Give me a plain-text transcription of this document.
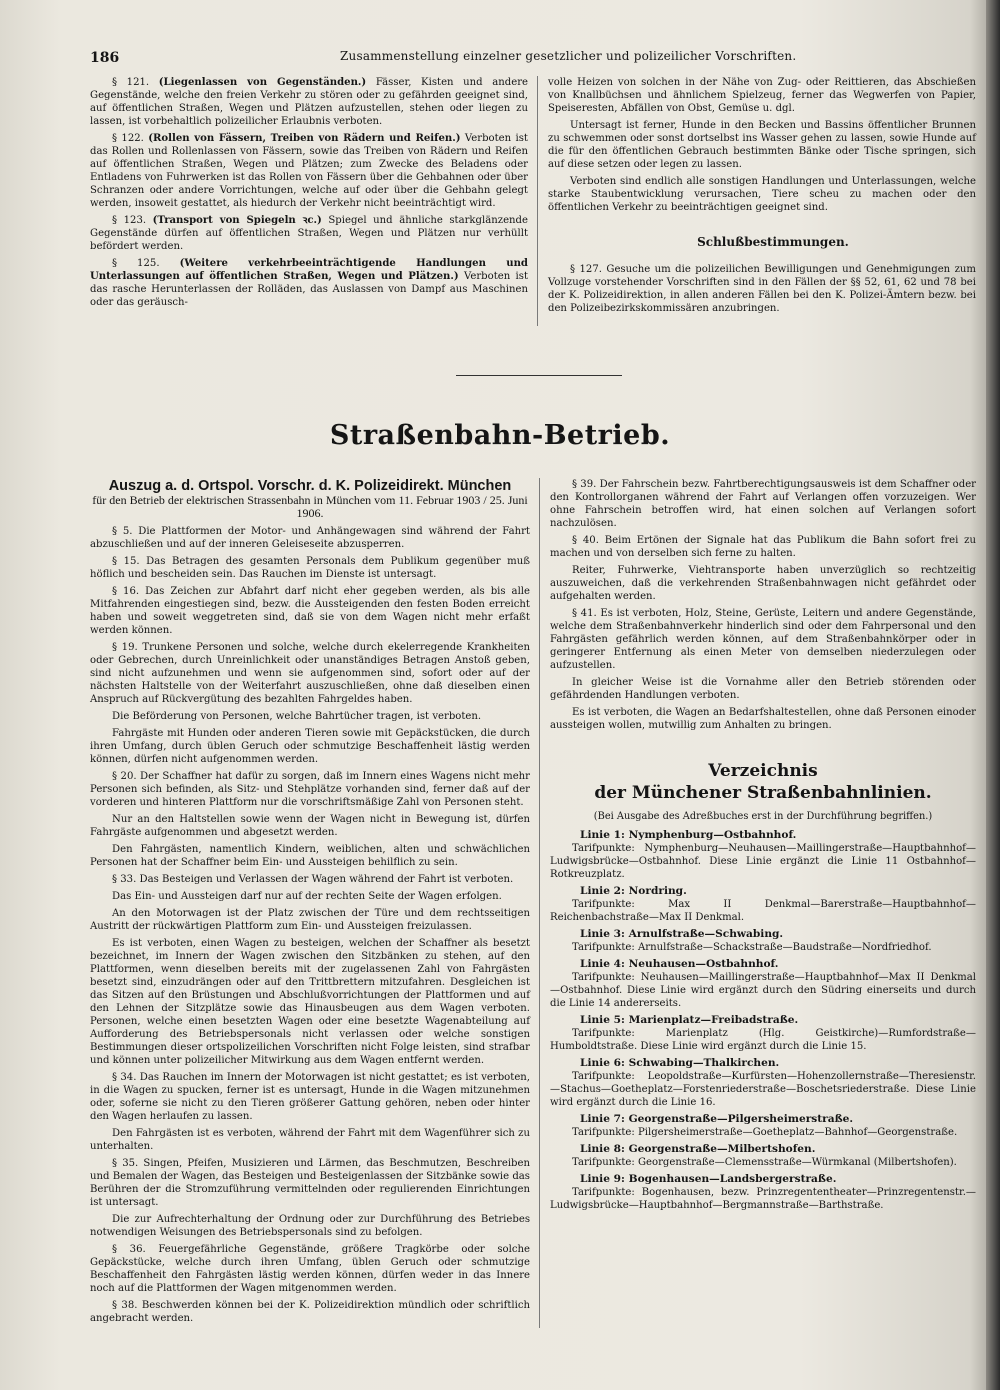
186	Zusammenstellung einzelner gesetzlicher und polizeilicher Vorschriften.

§ 121. (Liegenlassen von Gegenständen.) Fässer, Kisten und andere Gegenstände, welche den freien Verkehr zu stören oder zu gefährden geeignet sind, auf öffentlichen Straßen, Wegen und Plätzen aufzustellen, stehen oder liegen zu lassen, ist vorbehaltlich polizeilicher Erlaubnis verboten.

§ 122. (Rollen von Fässern, Treiben von Rädern und Reifen.) Verboten ist das Rollen und Rollenlassen von Fässern, sowie das Treiben von Rädern und Reifen auf öffentlichen Straßen, Wegen und Plätzen; zum Zwecke des Beladens oder Entladens von Fuhrwerken ist das Rollen von Fässern über die Gehbahnen oder über Schranzen oder andere Vorrichtungen, welche auf oder über die Gehbahn gelegt werden, insoweit gestattet, als hiedurch der Verkehr nicht beeinträchtigt wird.

§ 123. (Transport von Spiegeln ꝛc.) Spiegel und ähnliche starkglänzende Gegenstände dürfen auf öffentlichen Straßen, Wegen und Plätzen nur verhüllt befördert werden.

§ 125. (Weitere verkehrbeeinträchtigende Handlungen und Unterlassungen auf öffentlichen Straßen, Wegen und Plätzen.) Verboten ist das rasche Herunterlassen der Rolläden, das Auslassen von Dampf aus Maschinen oder das geräusch-

volle Heizen von solchen in der Nähe von Zug- oder Reittieren, das Abschießen von Knallbüchsen und ähnlichem Spielzeug, ferner das Wegwerfen von Papier, Speiseresten, Abfällen von Obst, Gemüse u. dgl.

Untersagt ist ferner, Hunde in den Becken und Bassins öffentlicher Brunnen zu schwemmen oder sonst dortselbst ins Wasser gehen zu lassen, sowie Hunde auf die für den öffentlichen Gebrauch bestimmten Bänke oder Tische springen, sich auf diese setzen oder legen zu lassen.

Verboten sind endlich alle sonstigen Handlungen und Unterlassungen, welche starke Staubentwicklung verursachen, Tiere scheu zu machen oder den öffentlichen Verkehr zu beeinträchtigen geeignet sind.

Schlußbestimmungen.

§ 127. Gesuche um die polizeilichen Bewilligungen und Genehmigungen zum Vollzuge vorstehender Vorschriften sind in den Fällen der §§ 52, 61, 62 und 78 bei der K. Polizeidirektion, in allen anderen Fällen bei den K. Polizei-Ämtern bezw. bei den Polizeibezirkskommissären anzubringen.

Straßenbahn-Betrieb.
Auszug a. d. Ortspol. Vorschr. d. K. Polizeidirekt. München
für den Betrieb der elektrischen Strassenbahn in München vom 11. Februar 1903 / 25. Juni 1906.

§ 5. Die Plattformen der Motor- und Anhängewagen sind während der Fahrt abzuschließen und auf der inneren Geleiseseite abzusperren.

§ 15. Das Betragen des gesamten Personals dem Publikum gegenüber muß höflich und bescheiden sein. Das Rauchen im Dienste ist untersagt.

§ 16. Das Zeichen zur Abfahrt darf nicht eher gegeben werden, als bis alle Mitfahrenden eingestiegen sind, bezw. die Aussteigenden den festen Boden erreicht haben und soweit weggetreten sind, daß sie von dem Wagen nicht mehr erfaßt werden können.

§ 19. Trunkene Personen und solche, welche durch ekelerregende Krankheiten oder Gebrechen, durch Unreinlichkeit oder unanständiges Betragen Anstoß geben, sind nicht aufzunehmen und wenn sie aufgenommen sind, sofort oder auf der nächsten Haltstelle von der Weiterfahrt auszuschließen, ohne daß dieselben einen Anspruch auf Rückvergütung des bezahlten Fahrgeldes haben.

Die Beförderung von Personen, welche Bahrtücher tragen, ist verboten.

Fahrgäste mit Hunden oder anderen Tieren sowie mit Gepäckstücken, die durch ihren Umfang, durch üblen Geruch oder schmutzige Beschaffenheit lästig werden können, dürfen nicht aufgenommen werden.

§ 20. Der Schaffner hat dafür zu sorgen, daß im Innern eines Wagens nicht mehr Personen sich befinden, als Sitz- und Stehplätze vorhanden sind, ferner daß auf der vorderen und hinteren Plattform nur die vorschriftsmäßige Zahl von Personen steht.

Nur an den Haltstellen sowie wenn der Wagen nicht in Bewegung ist, dürfen Fahrgäste aufgenommen und abgesetzt werden.

Den Fahrgästen, namentlich Kindern, weiblichen, alten und schwächlichen Personen hat der Schaffner beim Ein- und Aussteigen behilflich zu sein.

§ 33. Das Besteigen und Verlassen der Wagen während der Fahrt ist verboten.

Das Ein- und Aussteigen darf nur auf der rechten Seite der Wagen erfolgen.

An den Motorwagen ist der Platz zwischen der Türe und dem rechtsseitigen Austritt der rückwärtigen Plattform zum Ein- und Aussteigen freizulassen.

Es ist verboten, einen Wagen zu besteigen, welchen der Schaffner als besetzt bezeichnet, im Innern der Wagen zwischen den Sitzbänken zu stehen, auf den Plattformen, wenn dieselben bereits mit der zugelassenen Zahl von Fahrgästen besetzt sind, einzudrängen oder auf den Trittbrettern mitzufahren. Desgleichen ist das Sitzen auf den Brüstungen und Abschlußvorrichtungen der Plattformen und auf den Lehnen der Sitzplätze sowie das Hinausbeugen aus dem Wagen verboten. Personen, welche einen besetzten Wagen oder eine besetzte Wagenabteilung auf Aufforderung des Betriebspersonals nicht verlassen oder welche sonstigen Bestimmungen dieser ortspolizeilichen Vorschriften nicht Folge leisten, sind strafbar und können unter polizeilicher Mitwirkung aus dem Wagen entfernt werden.

§ 34. Das Rauchen im Innern der Motorwagen ist nicht gestattet; es ist verboten, in die Wagen zu spucken, ferner ist es untersagt, Hunde in die Wagen mitzunehmen oder, soferne sie nicht zu den Tieren größerer Gattung gehören, neben oder hinter den Wagen herlaufen zu lassen.

Den Fahrgästen ist es verboten, während der Fahrt mit dem Wagenführer sich zu unterhalten.

§ 35. Singen, Pfeifen, Musizieren und Lärmen, das Beschmutzen, Beschreiben und Bemalen der Wagen, das Besteigen und Besteigenlassen der Sitzbänke sowie das Berühren der die Stromzuführung vermittelnden oder regulierenden Einrichtungen ist untersagt.

Die zur Aufrechterhaltung der Ordnung oder zur Durchführung des Betriebes notwendigen Weisungen des Betriebspersonals sind zu befolgen.

§ 36. Feuergefährliche Gegenstände, größere Tragkörbe oder solche Gepäckstücke, welche durch ihren Umfang, üblen Geruch oder schmutzige Beschaffenheit den Fahrgästen lästig werden können, dürfen weder in das Innere noch auf die Plattformen der Wagen mitgenommen werden.

§ 38. Beschwerden können bei der K. Polizeidirektion mündlich oder schriftlich angebracht werden.

§ 39. Der Fahrschein bezw. Fahrtberechtigungsausweis ist dem Schaffner oder den Kontrollorganen während der Fahrt auf Verlangen offen vorzuzeigen. Wer ohne Fahrschein betroffen wird, hat einen solchen auf Verlangen sofort nachzulösen.

§ 40. Beim Ertönen der Signale hat das Publikum die Bahn sofort frei zu machen und von derselben sich ferne zu halten.

Reiter, Fuhrwerke, Viehtransporte haben unverzüglich so rechtzeitig auszuweichen, daß die verkehrenden Straßenbahnwagen nicht gefährdet oder aufgehalten werden.

§ 41. Es ist verboten, Holz, Steine, Gerüste, Leitern und andere Gegenstände, welche dem Straßenbahnverkehr hinderlich sind oder dem Fahrpersonal und den Fahrgästen gefährlich werden können, auf dem Straßenbahnkörper oder in geringerer Entfernung als einen Meter von demselben niederzulegen oder aufzustellen.

In gleicher Weise ist die Vornahme aller den Betrieb störenden oder gefährdenden Handlungen verboten.

Es ist verboten, die Wagen an Bedarfshaltestellen, ohne daß Personen einoder aussteigen wollen, mutwillig zum Anhalten zu bringen.

Verzeichnis
der Münchener Straßenbahnlinien.
(Bei Ausgabe des Adreßbuches erst in der Durchführung begriffen.)
Linie 1: Nymphenburg—Ostbahnhof.

Tarifpunkte: Nymphenburg—Neuhausen—Maillingerstraße—Hauptbahnhof—Ludwigsbrücke—Ostbahnhof. Diese Linie ergänzt die Linie 11 Ostbahnhof—Rotkreuzplatz.

Linie 2: Nordring.

Tarifpunkte: Max II Denkmal—Barerstraße—Hauptbahnhof—Reichenbachstraße—Max II Denkmal.

Linie 3: Arnulfstraße—Schwabing.

Tarifpunkte: Arnulfstraße—Schackstraße—Baudstraße—Nordfriedhof.

Linie 4: Neuhausen—Ostbahnhof.

Tarifpunkte: Neuhausen—Maillingerstraße—Hauptbahnhof—Max II Denkmal—Ostbahnhof. Diese Linie wird ergänzt durch den Südring einerseits und durch die Linie 14 andererseits.

Linie 5: Marienplatz—Freibadstraße.

Tarifpunkte: Marienplatz (Hlg. Geistkirche)—Rumfordstraße—Humboldtstraße. Diese Linie wird ergänzt durch die Linie 15.

Linie 6: Schwabing—Thalkirchen.

Tarifpunkte: Leopoldstraße—Kurfürsten—Hohenzollernstraße—Theresienstr.—Stachus—Goetheplatz—Forstenriederstraße—Boschetsriederstraße. Diese Linie wird ergänzt durch die Linie 16.

Linie 7: Georgenstraße—Pilgersheimerstraße.

Tarifpunkte: Pilgersheimerstraße—Goetheplatz—Bahnhof—Georgenstraße.

Linie 8: Georgenstraße—Milbertshofen.

Tarifpunkte: Georgenstraße—Clemensstraße—Würmkanal (Milbertshofen).

Linie 9: Bogenhausen—Landsbergerstraße.

Tarifpunkte: Bogenhausen, bezw. Prinzregententheater—Prinzregentenstr.—Ludwigsbrücke—Hauptbahnhof—Bergmannstraße—Barthstraße.
